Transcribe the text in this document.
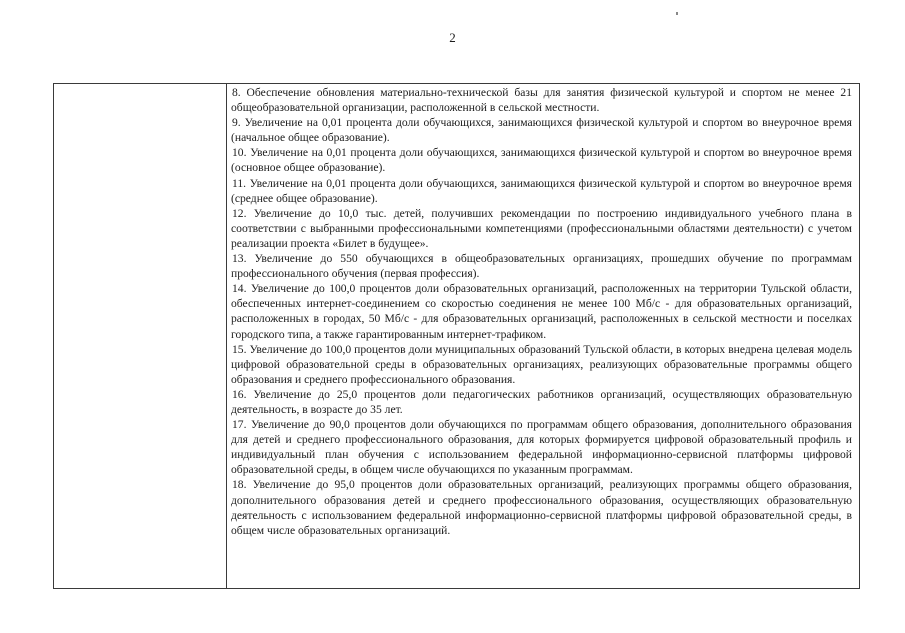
2

8. Обеспечение обновления материально-технической базы для занятия физической культурой и спортом не менее 21 общеобразовательной организации, расположенной в сельской местности.

9. Увеличение на 0,01 процента доли обучающихся, занимающихся физической культурой и спортом во внеурочное время (начальное общее образование).

10. Увеличение на 0,01 процента доли обучающихся, занимающихся физической культурой и спортом во внеурочное время (основное общее образование).

11. Увеличение на 0,01 процента доли обучающихся, занимающихся физической культурой и спортом во внеурочное время (среднее общее образование).

12. Увеличение до 10,0 тыс. детей, получивших рекомендации по построению индивидуального учебного плана в соответствии с выбранными профессиональными компетенциями (профессиональными областями деятельности) с учетом реализации проекта «Билет в будущее».

13. Увеличение до 550 обучающихся в общеобразовательных организациях, прошедших обучение по программам профессионального обучения (первая профессия).

14. Увеличение до 100,0 процентов доли образовательных организаций, расположенных на территории Тульской области, обеспеченных интернет-соединением со скоростью соединения не менее 100 Мб/с - для образовательных организаций, расположенных в городах, 50 Мб/с - для образовательных организаций, расположенных в сельской местности и поселках городского типа, а также гарантированным интернет-трафиком.

15. Увеличение до 100,0 процентов доли муниципальных образований Тульской области, в которых внедрена целевая модель цифровой образовательной среды в образовательных организациях, реализующих образовательные программы общего образования и среднего профессионального образования.

16. Увеличение до 25,0 процентов доли педагогических работников организаций, осуществляющих образовательную деятельность, в возрасте до 35 лет.

17. Увеличение до 90,0 процентов доли обучающихся по программам общего образования, дополнительного образования для детей и среднего профессионального образования, для которых формируется цифровой образовательный профиль и индивидуальный план обучения с использованием федеральной информационно-сервисной платформы цифровой образовательной среды, в общем числе обучающихся по указанным программам.

18. Увеличение до 95,0 процентов доли образовательных организаций, реализующих программы общего образования, дополнительного образования детей и среднего профессионального образования, осуществляющих образовательную деятельность с использованием федеральной информационно-сервисной платформы цифровой образовательной среды, в общем числе образовательных организаций.
